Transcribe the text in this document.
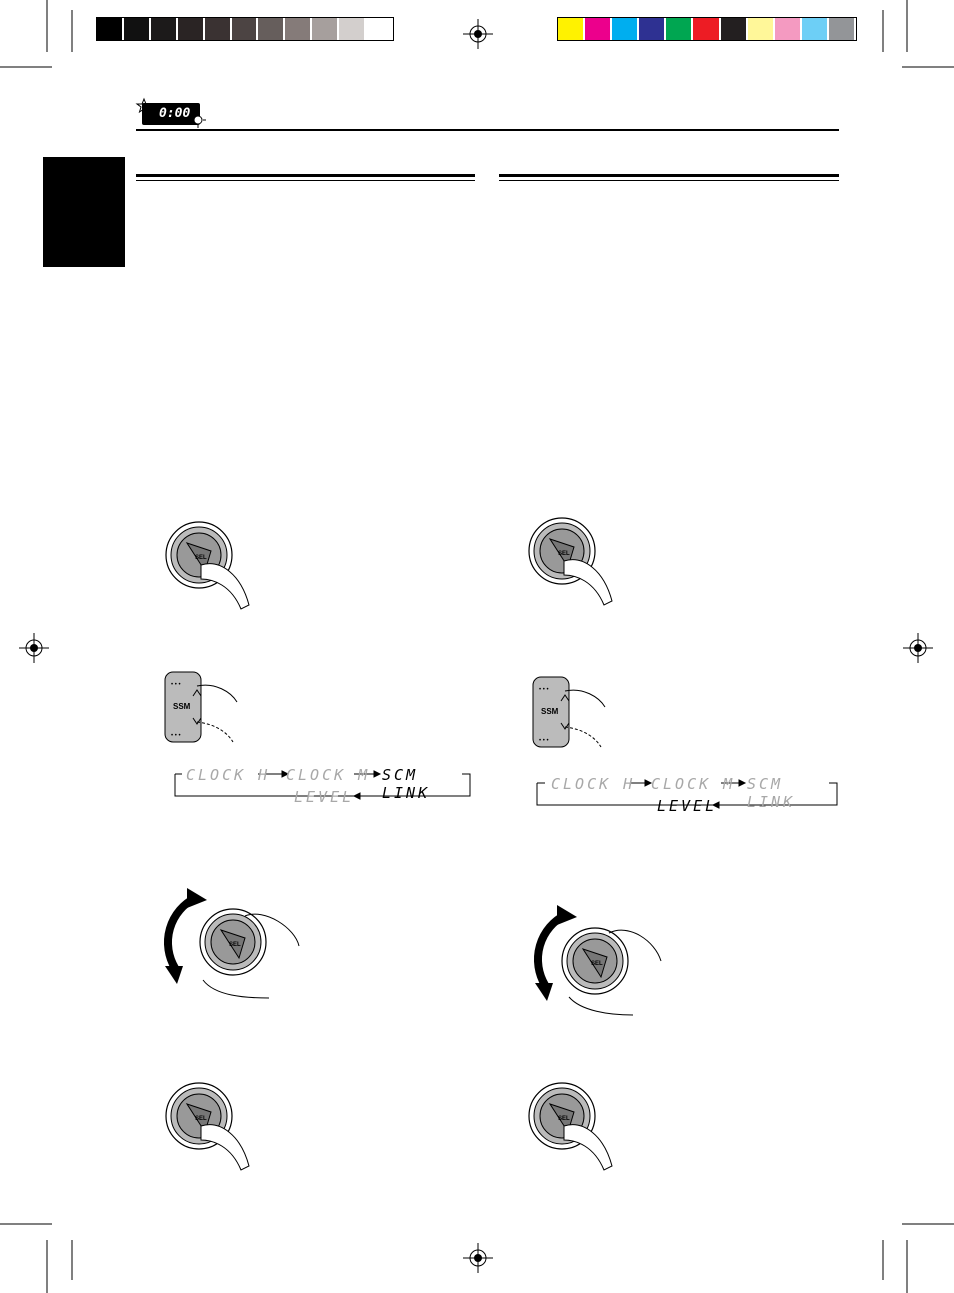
0:00
SEL
SSM
• • •
• • •
CLOCK H CLOCK M SCM LINK
LEVEL
CLOCK H CLOCK M SCM LINK
LEVEL
